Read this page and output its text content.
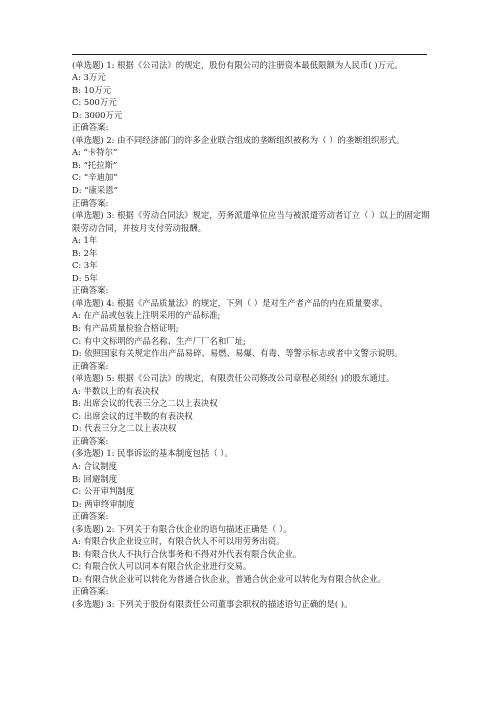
(单选题) 1: 根据《公司法》的规定，股份有限公司的注册资本最低限额为人民币( )万元。
A: 3万元
B: 10万元
C: 500万元
D: 3000万元
正确答案:
(单选题) 2: 由不同经济部门的许多企业联合组成的垄断组织被称为（ ）的垄断组织形式。
A: “卡特尔”
B: “托拉斯”
C: “辛迪加”
D: “康采恩”
正确答案:
(单选题) 3: 根据《劳动合同法》规定，劳务派遣单位应当与被派遣劳动者订立（ ）以上的固定期限劳动合同，并按月支付劳动报酬。
A: 1年
B: 2年
C: 3年
D: 5年
正确答案:
(单选题) 4: 根据《产品质量法》的规定，下列（ ）是对生产者产品的内在质量要求。
A: 在产品或包装上注明采用的产品标准;
B: 有产品质量检验合格证明;
C: 有中文标明的产品名称、生产厂厂名和厂址;
D: 依照国家有关规定作出产品易碎、易燃、易爆、有毒、等警示标志或者中文警示说明。
正确答案:
(单选题) 5: 根据《公司法》的规定，有限责任公司修改公司章程必须经( )的股东通过。
A: 半数以上的有表决权
B: 出席会议的代表三分之二以上表决权
C: 出席会议的过半数的有表决权
D: 代表三分之二以上表决权
正确答案:
(多选题) 1: 民事诉讼的基本制度包括（ ）。
A: 合议制度
B: 回避制度
C: 公开审判制度
D: 两审终审制度
正确答案:
(多选题) 2: 下列关于有限合伙企业的语句描述正确是（ ）。
A: 有限合伙企业设立时，有限合伙人不可以用劳务出资。
B: 有限合伙人不执行合伙事务和不得对外代表有限合伙企业。
C: 有限合伙人可以同本有限合伙企业进行交易。
D: 有限合伙企业可以转化为普通合伙企业，普通合伙企业可以转化为有限合伙企业。
正确答案:
(多选题) 3: 下列关于股份有限责任公司董事会职权的描述语句正确的是( )。
